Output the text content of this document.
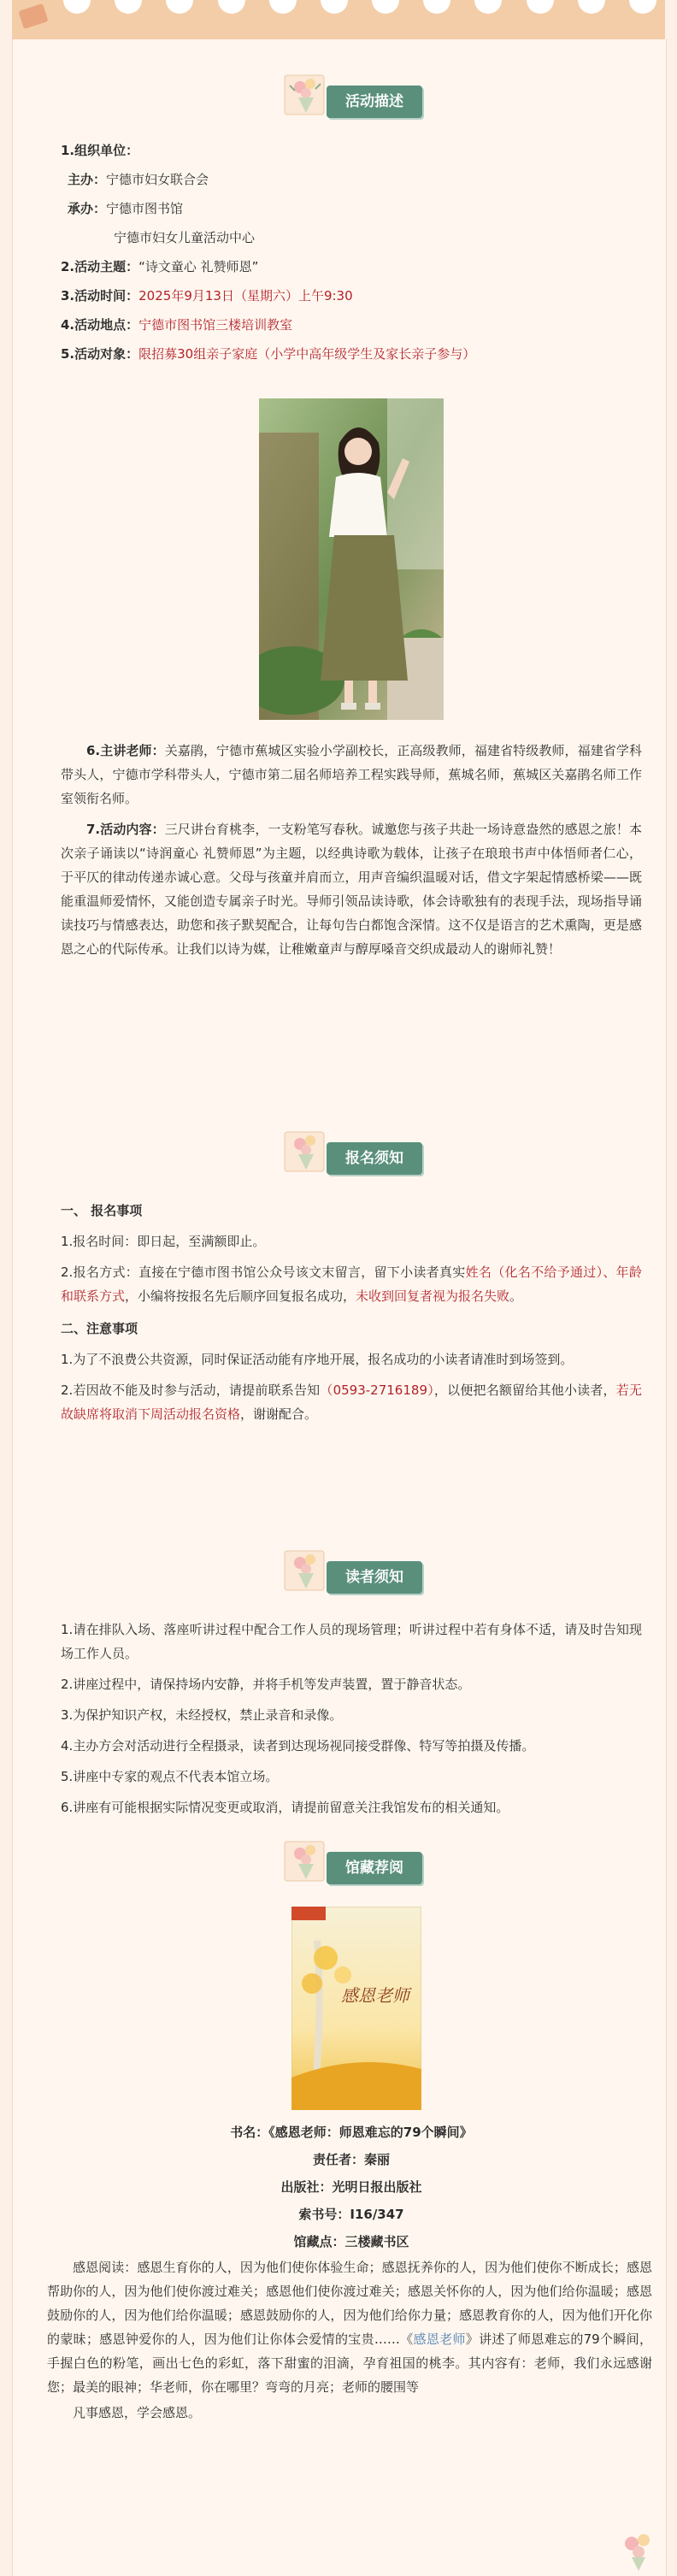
活动描述
1.组织单位：
主办：宁德市妇女联合会
承办：宁德市图书馆
宁德市妇女儿童活动中心
2.活动主题：“诗文童心 礼赞师恩”
3.活动时间：2025年9月13日（星期六）上午9:30
4.活动地点：宁德市图书馆三楼培训教室
5.活动对象：限招募30组亲子家庭（小学中高年级学生及家长亲子参与）
6.主讲老师：关嘉鹃，宁德市蕉城区实验小学副校长，正高级教师，福建省特级教师，福建省学科带头人，宁德市学科带头人，宁德市第二届名师培养工程实践导师，蕉城名师，蕉城区关嘉鹃名师工作室领衔名师。
7.活动内容：三尺讲台育桃李，一支粉笔写春秋。诚邀您与孩子共赴一场诗意盎然的感恩之旅！本次亲子诵读以“诗润童心 礼赞师恩”为主题，以经典诗歌为载体，让孩子在琅琅书声中体悟师者仁心，于平仄的律动传递赤诚心意。父母与孩童并肩而立，用声音编织温暖对话，借文字架起情感桥梁——既能重温师爱情怀，又能创造专属亲子时光。导师引领品读诗歌，体会诗歌独有的表现手法，现场指导诵读技巧与情感表达，助您和孩子默契配合，让每句告白都饱含深情。这不仅是语言的艺术熏陶，更是感恩之心的代际传承。让我们以诗为媒，让稚嫩童声与醇厚嗓音交织成最动人的谢师礼赞！
报名须知
一、 报名事项
1.报名时间：即日起，至满额即止。
2.报名方式：直接在宁德市图书馆公众号该文末留言，留下小读者真实姓名（化名不给予通过）、年龄和联系方式，小编将按报名先后顺序回复报名成功，未收到回复者视为报名失败。
二、注意事项
1.为了不浪费公共资源，同时保证活动能有序地开展，报名成功的小读者请准时到场签到。
2.若因故不能及时参与活动，请提前联系告知（0593-2716189），以便把名额留给其他小读者，若无故缺席将取消下周活动报名资格，谢谢配合。
读者须知
1.请在排队入场、落座听讲过程中配合工作人员的现场管理；听讲过程中若有身体不适，请及时告知现场工作人员。
2.讲座过程中，请保持场内安静，并将手机等发声装置，置于静音状态。
3.为保护知识产权，未经授权，禁止录音和录像。
4.主办方会对活动进行全程摄录，读者到达现场视同接受群像、特写等拍摄及传播。
5.讲座中专家的观点不代表本馆立场。
6.讲座有可能根据实际情况变更或取消，请提前留意关注我馆发布的相关通知。
馆藏荐阅
感恩老师
书名：《感恩老师：师恩难忘的79个瞬间》
责任者：秦丽
出版社：光明日报出版社
索书号：I16/347
馆藏点：三楼藏书区
感恩阅读：感恩生育你的人，因为他们使你体验生命；感恩抚养你的人，因为他们使你不断成长；感恩帮助你的人，因为他们使你渡过难关；感恩他们使你渡过难关；感恩关怀你的人，因为他们给你温暖；感恩鼓励你的人，因为他们给你温暖；感恩鼓励你的人，因为他们给你力量；感恩教育你的人，因为他们开化你的蒙昧；感恩钟爱你的人，因为他们让你体会爱情的宝贵……《感恩老师》讲述了师恩难忘的79个瞬间，手握白色的粉笔，画出七色的彩虹，落下甜蜜的泪滴，孕育祖国的桃李。其内容有：老师，我们永远感谢您；最美的眼神；华老师，你在哪里？弯弯的月亮；老师的腰围等
凡事感恩，学会感恩。
